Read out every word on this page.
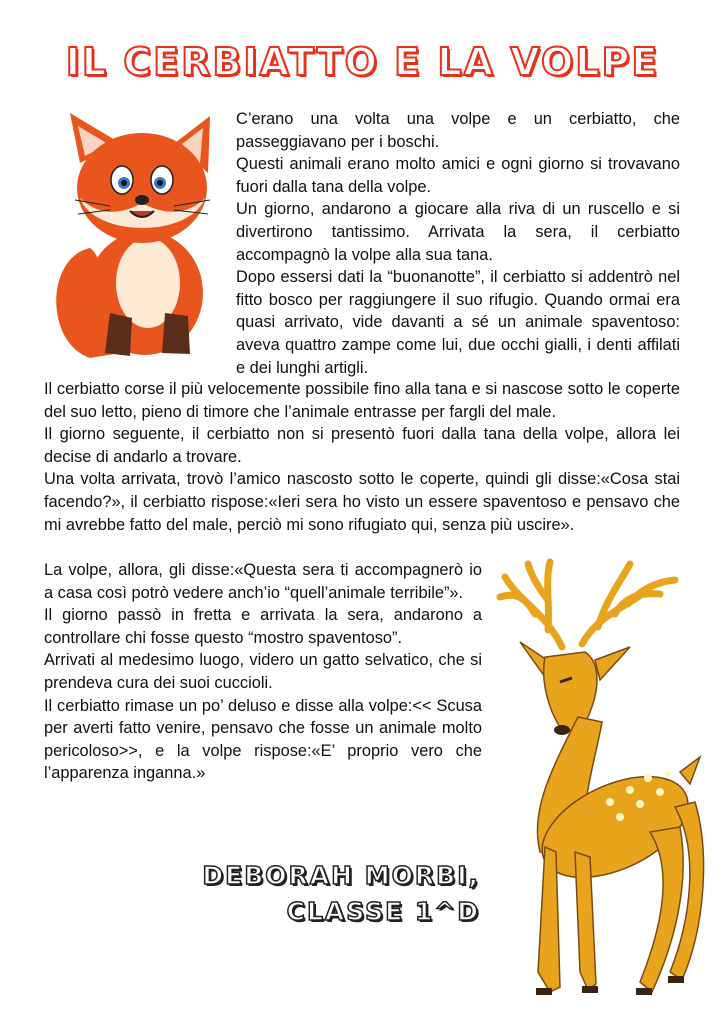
IL CERBIATTO E LA VOLPE

C’erano una volta una volpe e un cerbiatto, che passeggiavano per i boschi.
Questi animali erano molto amici e ogni giorno si trovavano fuori dalla tana della volpe.
Un giorno, andarono a giocare alla riva di un ruscello e si divertirono tantissimo. Arrivata la sera, il cerbiatto accompagnò la volpe alla sua tana.
Dopo essersi dati la “buonanotte”, il cerbiatto si addentrò nel fitto bosco per raggiungere il suo rifugio. Quando ormai era quasi arrivato, vide davanti a sé un animale spaventoso: aveva quattro zampe come lui, due occhi gialli, i denti affilati e dei lunghi artigli.

Il cerbiatto corse il più velocemente possibile fino alla tana e si nascose sotto le coperte del suo letto, pieno di timore che l’animale entrasse per fargli del male.
Il giorno seguente, il cerbiatto non si presentò fuori dalla tana della volpe, allora lei decise di andarlo a trovare.
Una volta arrivata, trovò l’amico nascosto sotto le coperte, quindi gli disse:«Cosa stai facendo?», il cerbiatto rispose:«Ieri sera ho visto un essere spaventoso e pensavo che mi avrebbe fatto del male, perciò mi sono rifugiato qui, senza più uscire».

La volpe, allora, gli disse:«Questa sera ti accompagnerò io a casa così potrò vedere anch’io “quell’animale terribile”».
Il giorno passò in fretta e arrivata la sera, andarono a controllare chi fosse questo “mostro spaventoso”.
Arrivati al medesimo luogo, videro un gatto selvatico, che si prendeva cura dei suoi cuccioli.
Il cerbiatto rimase un po’ deluso e disse alla volpe:<< Scusa per averti fatto venire, pensavo che fosse un animale molto pericoloso>>, e la volpe rispose:«E’ proprio vero che l’apparenza inganna.»

DEBORAH MORBI,
CLASSE 1^D
